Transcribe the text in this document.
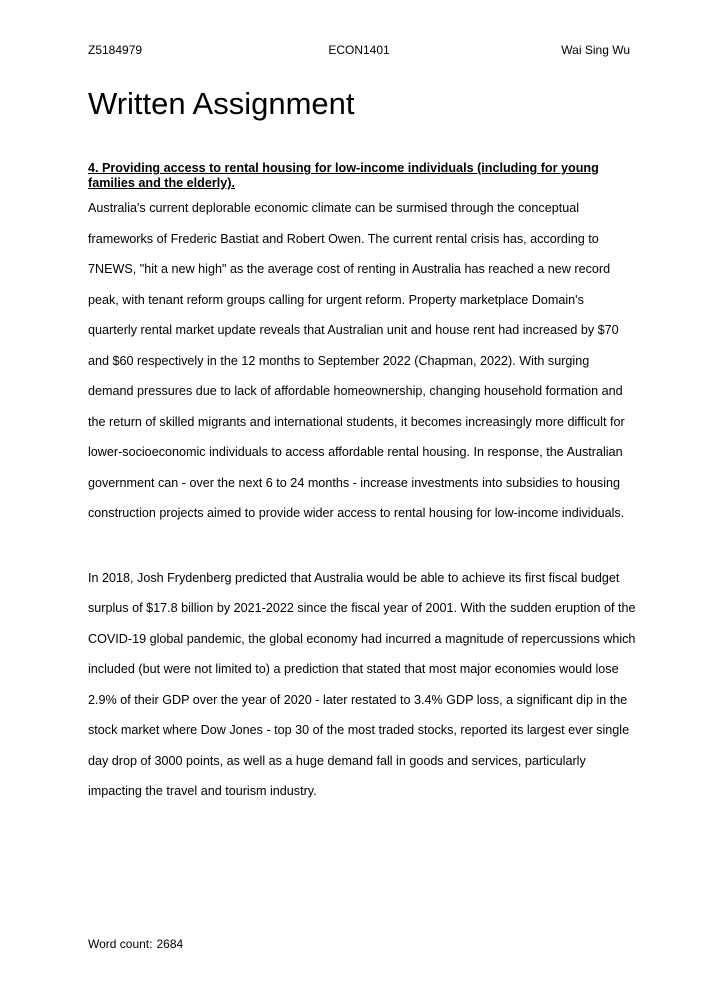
Z5184979	ECON1401	Wai Sing Wu
Written Assignment

4. Providing access to rental housing for low-income individuals (including for young families and the elderly).

Australia's current deplorable economic climate can be surmised through the conceptual frameworks of Frederic Bastiat and Robert Owen. The current rental crisis has, according to 7NEWS, "hit a new high" as the average cost of renting in Australia has reached a new record peak, with tenant reform groups calling for urgent reform. Property marketplace Domain's quarterly rental market update reveals that Australian unit and house rent had increased by $70 and $60 respectively in the 12 months to September 2022 (Chapman, 2022). With surging demand pressures due to lack of affordable homeownership, changing household formation and the return of skilled migrants and international students, it becomes increasingly more difficult for lower-socioeconomic individuals to access affordable rental housing. In response, the Australian government can - over the next 6 to 24 months - increase investments into subsidies to housing construction projects aimed to provide wider access to rental housing for low-income individuals.

In 2018, Josh Frydenberg predicted that Australia would be able to achieve its first fiscal budget surplus of $17.8 billion by 2021-2022 since the fiscal year of 2001. With the sudden eruption of the COVID-19 global pandemic, the global economy had incurred a magnitude of repercussions which included (but were not limited to) a prediction that stated that most major economies would lose 2.9% of their GDP over the year of 2020 - later restated to 3.4% GDP loss, a significant dip in the stock market where Dow Jones - top 30 of the most traded stocks, reported its largest ever single day drop of 3000 points, as well as a huge demand fall in goods and services, particularly impacting the travel and tourism industry.

Word count: 2684
